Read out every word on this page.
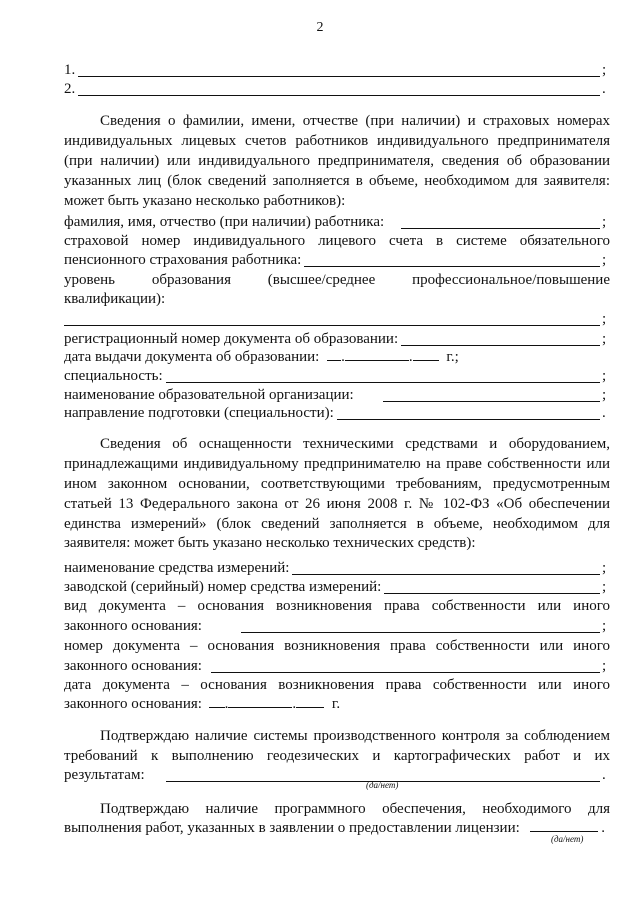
2
1.	;
2.	.
Сведения о фамилии, имени, отчестве (при наличии) и страховых номерах
индивидуальных лицевых счетов работников индивидуального предпринимателя
(при наличии) или индивидуального предпринимателя, сведения об образовании
указанных лиц (блок сведений заполняется в объеме, необходимом для заявителя:
может быть указано несколько работников):
фамилия, имя, отчество (при наличии) работника:	;
страховой номер индивидуального лицевого счета в системе обязательного
пенсионного страхования работника:	;
уровень образования (высшее/среднее профессиональное/повышение
квалификации):
;
регистрационный номер документа об образовании:	;
дата выдачи документа об образовании: .	. г.;
специальность:	;
наименование образовательной организации:	;
направление подготовки (специальности):	.
Сведения об оснащенности техническими средствами и оборудованием,
принадлежащими индивидуальному предпринимателю на праве собственности или
ином законном основании, соответствующими требованиям, предусмотренным
статьей 13 Федерального закона от 26 июня 2008 г. № 102-ФЗ «Об обеспечении
единства измерений» (блок сведений заполняется в объеме, необходимом для
заявителя: может быть указано несколько технических средств):
наименование средства измерений:	;
заводской (серийный) номер средства измерений:	;
вид документа – основания возникновения права собственности или иного
законного основания:	;
номер документа – основания возникновения права собственности или иного
законного основания:	;
дата документа – основания возникновения права собственности или иного
законного основания: .	. г.
Подтверждаю наличие системы производственного контроля за соблюдением
требований к выполнению геодезических и картографических работ и их
результатам:	.
(да/нет)
Подтверждаю наличие программного обеспечения, необходимого для
выполнения работ, указанных в заявлении о предоставлении лицензии:	.
(да/нет)
